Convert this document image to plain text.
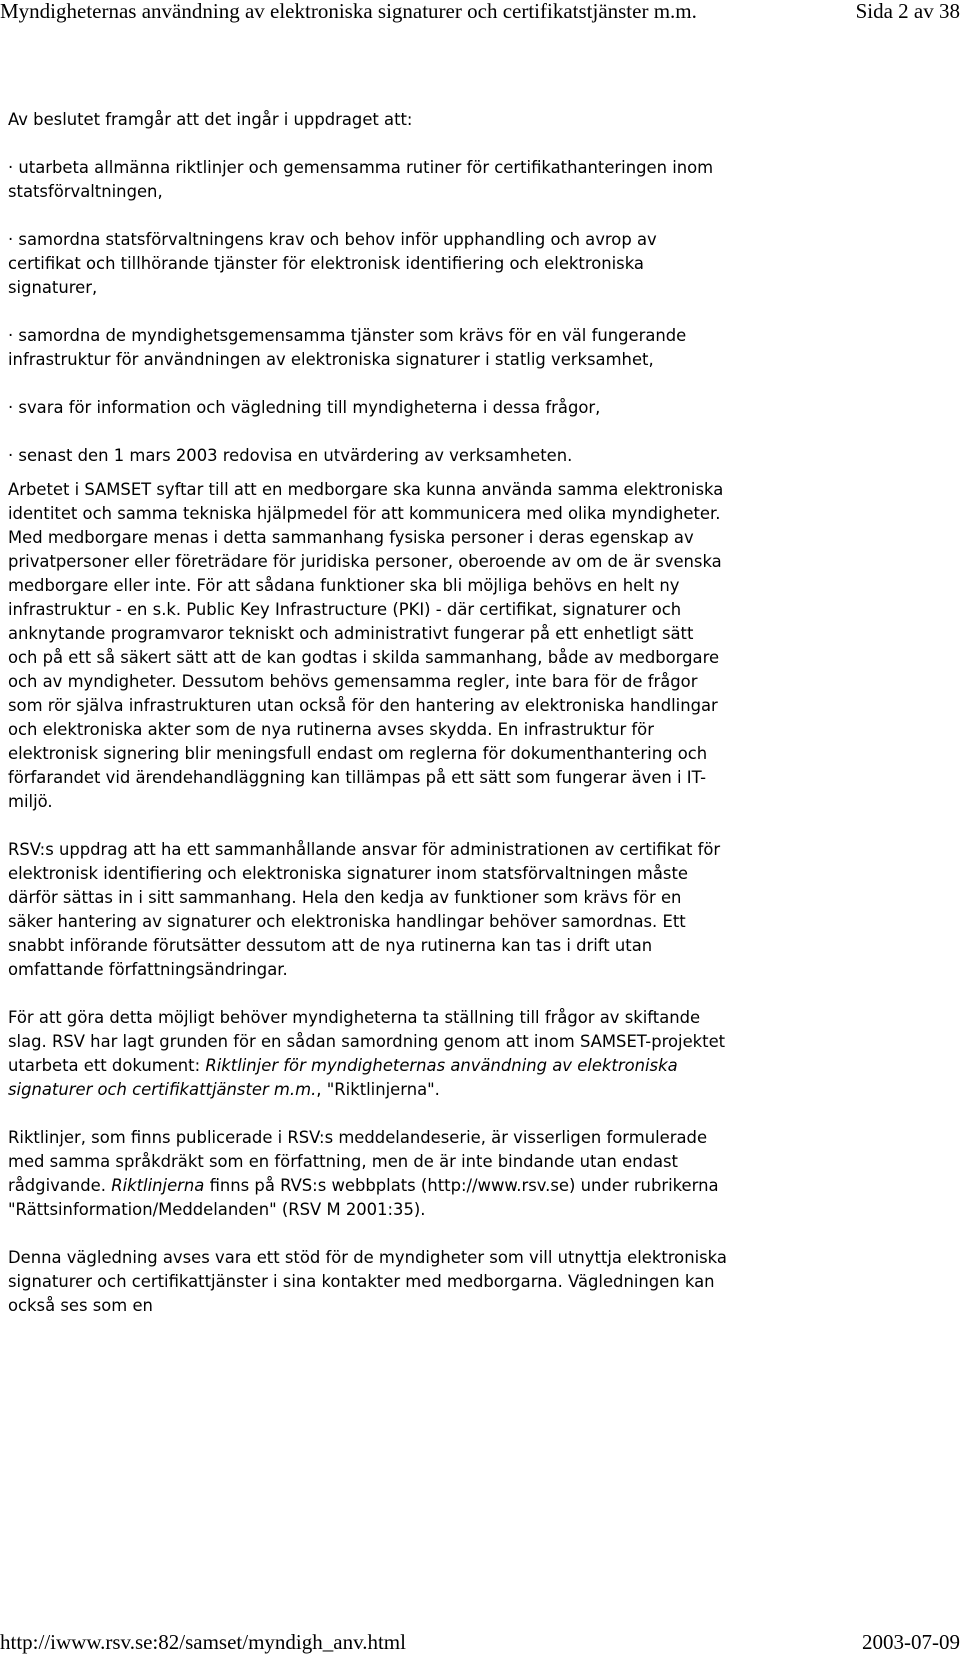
Myndigheternas användning av elektroniska signaturer och certifikatstjänster m.m.	Sida 2 av 38

Av beslutet framgår att det ingår i uppdraget att:

· utarbeta allmänna riktlinjer och gemensamma rutiner för certifikathanteringen inom statsförvaltningen,

· samordna statsförvaltningens krav och behov inför upphandling och avrop av certifikat och tillhörande tjänster för elektronisk identifiering och elektroniska signaturer,

· samordna de myndighetsgemensamma tjänster som krävs för en väl fungerande infrastruktur för användningen av elektroniska signaturer i statlig verksamhet,

· svara för information och vägledning till myndigheterna i dessa frågor,

· senast den 1 mars 2003 redovisa en utvärdering av verksamheten.

Arbetet i SAMSET syftar till att en medborgare ska kunna använda samma elektroniska identitet och samma tekniska hjälpmedel för att kommunicera med olika myndigheter. Med medborgare menas i detta sammanhang fysiska personer i deras egenskap av privatpersoner eller företrädare för juridiska personer, oberoende av om de är svenska medborgare eller inte. För att sådana funktioner ska bli möjliga behövs en helt ny infrastruktur - en s.k. Public Key Infrastructure (PKI) - där certifikat, signaturer och anknytande programvaror tekniskt och administrativt fungerar på ett enhetligt sätt och på ett så säkert sätt att de kan godtas i skilda sammanhang, både av medborgare och av myndigheter. Dessutom behövs gemensamma regler, inte bara för de frågor som rör själva infrastrukturen utan också för den hantering av elektroniska handlingar och elektroniska akter som de nya rutinerna avses skydda. En infrastruktur för elektronisk signering blir meningsfull endast om reglerna för dokumenthantering och förfarandet vid ärendehandläggning kan tillämpas på ett sätt som fungerar även i IT-miljö.

RSV:s uppdrag att ha ett sammanhållande ansvar för administrationen av certifikat för elektronisk identifiering och elektroniska signaturer inom statsförvaltningen måste därför sättas in i sitt sammanhang. Hela den kedja av funktioner som krävs för en säker hantering av signaturer och elektroniska handlingar behöver samordnas. Ett snabbt införande förutsätter dessutom att de nya rutinerna kan tas i drift utan omfattande författningsändringar.

För att göra detta möjligt behöver myndigheterna ta ställning till frågor av skiftande slag. RSV har lagt grunden för en sådan samordning genom att inom SAMSET-projektet utarbeta ett dokument: Riktlinjer för myndigheternas användning av elektroniska signaturer och certifikattjänster m.m., "Riktlinjerna".

Riktlinjer, som finns publicerade i RSV:s meddelandeserie, är visserligen formulerade med samma språkdräkt som en författning, men de är inte bindande utan endast rådgivande. Riktlinjerna finns på RVS:s webbplats (http://www.rsv.se) under rubrikerna "Rättsinformation/Meddelanden" (RSV M 2001:35).

Denna vägledning avses vara ett stöd för de myndigheter som vill utnyttja elektroniska signaturer och certifikattjänster i sina kontakter med medborgarna. Vägledningen kan också ses som en

http://iwww.rsv.se:82/samset/myndigh_anv.html	2003-07-09
